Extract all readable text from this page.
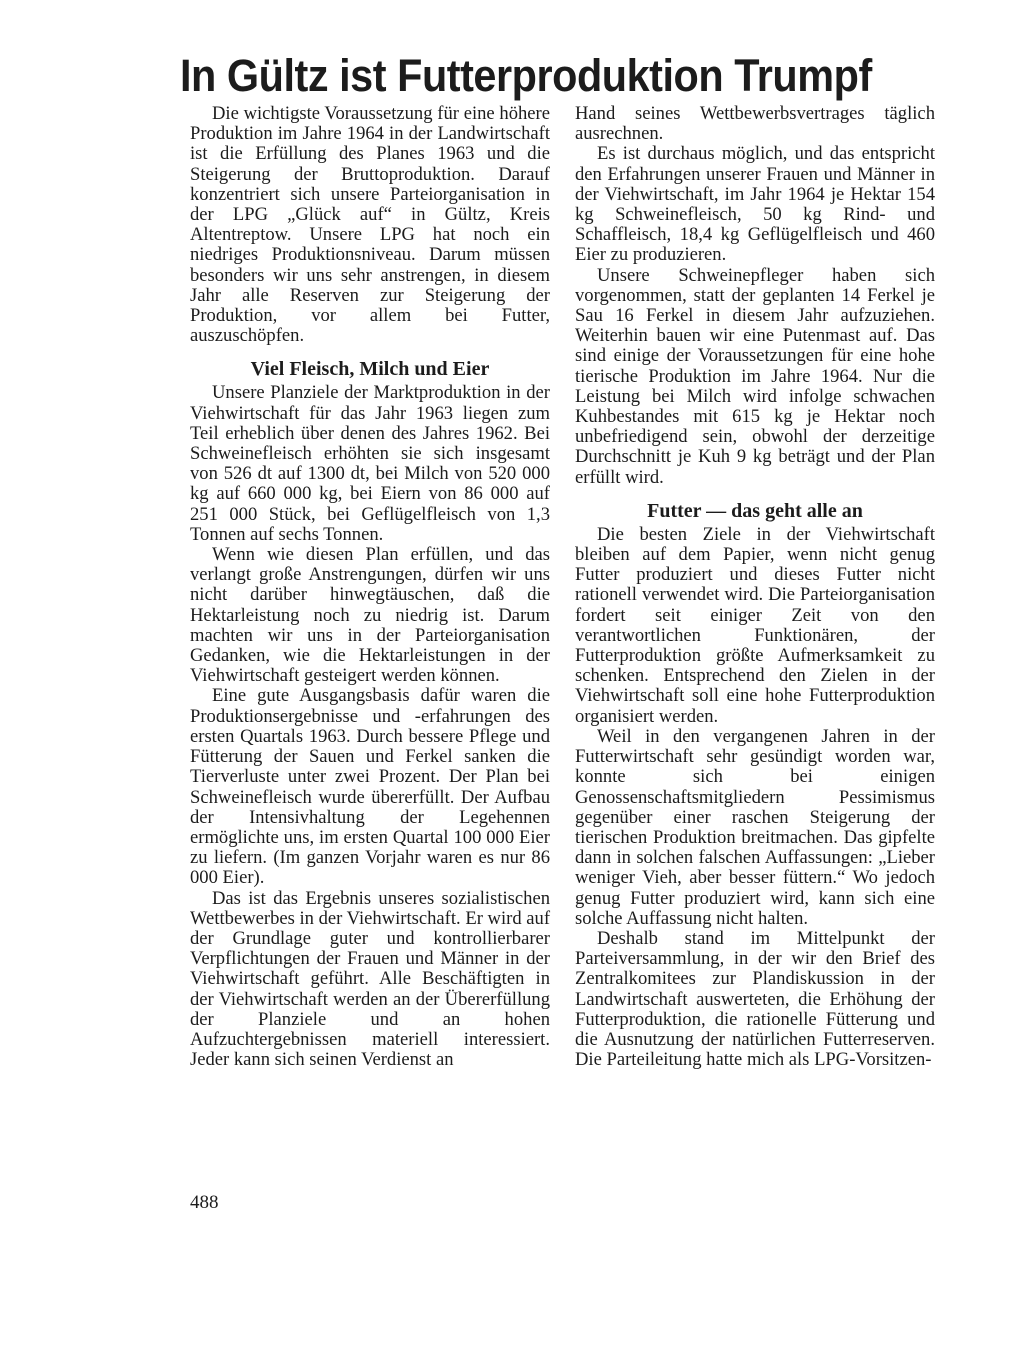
In Gültz ist Futterproduktion Trumpf

Die wichtigste Voraussetzung für eine höhere Produktion im Jahre 1964 in der Landwirtschaft ist die Erfüllung des Planes 1963 und die Steigerung der Bruttoproduktion. Darauf konzentriert sich unsere Parteiorganisation in der LPG „Glück auf“ in Gültz, Kreis Altentreptow. Unsere LPG hat noch ein niedriges Produktionsniveau. Darum müssen besonders wir uns sehr anstrengen, in diesem Jahr alle Reserven zur Steigerung der Produktion, vor allem bei Futter, auszuschöpfen.

Viel Fleisch, Milch und Eier

Unsere Planziele der Marktproduktion in der Viehwirtschaft für das Jahr 1963 liegen zum Teil erheblich über denen des Jahres 1962. Bei Schweinefleisch erhöhten sie sich insgesamt von 526 dt auf 1300 dt, bei Milch von 520 000 kg auf 660 000 kg, bei Eiern von 86 000 auf 251 000 Stück, bei Geflügelfleisch von 1,3 Tonnen auf sechs Tonnen.

Wenn wie diesen Plan erfüllen, und das verlangt große Anstrengungen, dürfen wir uns nicht darüber hinwegtäuschen, daß die Hektarleistung noch zu niedrig ist. Darum machten wir uns in der Parteiorganisation Gedanken, wie die Hektarleistungen in der Viehwirtschaft gesteigert werden können.

Eine gute Ausgangsbasis dafür waren die Produktionsergebnisse und -erfahrungen des ersten Quartals 1963. Durch bessere Pflege und Fütterung der Sauen und Ferkel sanken die Tierverluste unter zwei Prozent. Der Plan bei Schweinefleisch wurde übererfüllt. Der Aufbau der Intensivhaltung der Legehennen ermöglichte uns, im ersten Quartal 100 000 Eier zu liefern. (Im ganzen Vorjahr waren es nur 86 000 Eier).

Das ist das Ergebnis unseres sozialistischen Wettbewerbes in der Viehwirtschaft. Er wird auf der Grundlage guter und kontrollierbarer Verpflichtungen der Frauen und Männer in der Viehwirtschaft geführt. Alle Beschäftigten in der Viehwirtschaft werden an der Übererfüllung der Planziele und an hohen Aufzuchtergebnissen materiell interessiert. Jeder kann sich seinen Verdienst an

Hand seines Wettbewerbsvertrages täglich ausrechnen.

Es ist durchaus möglich, und das entspricht den Erfahrungen unserer Frauen und Männer in der Viehwirtschaft, im Jahr 1964 je Hektar 154 kg Schweinefleisch, 50 kg Rind- und Schaffleisch, 18,4 kg Geflügelfleisch und 460 Eier zu produzieren.

Unsere Schweinepfleger haben sich vorgenommen, statt der geplanten 14 Ferkel je Sau 16 Ferkel in diesem Jahr aufzuziehen. Weiterhin bauen wir eine Putenmast auf. Das sind einige der Voraussetzungen für eine hohe tierische Produktion im Jahre 1964. Nur die Leistung bei Milch wird infolge schwachen Kuhbestandes mit 615 kg je Hektar noch unbefriedigend sein, obwohl der derzeitige Durchschnitt je Kuh 9 kg beträgt und der Plan erfüllt wird.

Futter — das geht alle an

Die besten Ziele in der Viehwirtschaft bleiben auf dem Papier, wenn nicht genug Futter produziert und dieses Futter nicht rationell verwendet wird. Die Parteiorganisation fordert seit einiger Zeit von den verantwortlichen Funktionären, der Futterproduktion größte Aufmerksamkeit zu schenken. Entsprechend den Zielen in der Viehwirtschaft soll eine hohe Futterproduktion organisiert werden.

Weil in den vergangenen Jahren in der Futterwirtschaft sehr gesündigt worden war, konnte sich bei einigen Genossenschaftsmitgliedern Pessimismus gegenüber einer raschen Steigerung der tierischen Produktion breitmachen. Das gipfelte dann in solchen falschen Auffassungen: „Lieber weniger Vieh, aber besser füttern.“ Wo jedoch genug Futter produziert wird, kann sich eine solche Auffassung nicht halten.

Deshalb stand im Mittelpunkt der Parteiversammlung, in der wir den Brief des Zentralkomitees zur Plandiskussion in der Landwirtschaft auswerteten, die Erhöhung der Futterproduktion, die rationelle Fütterung und die Ausnutzung der natürlichen Futterreserven. Die Parteileitung hatte mich als LPG-Vorsitzen-

488
